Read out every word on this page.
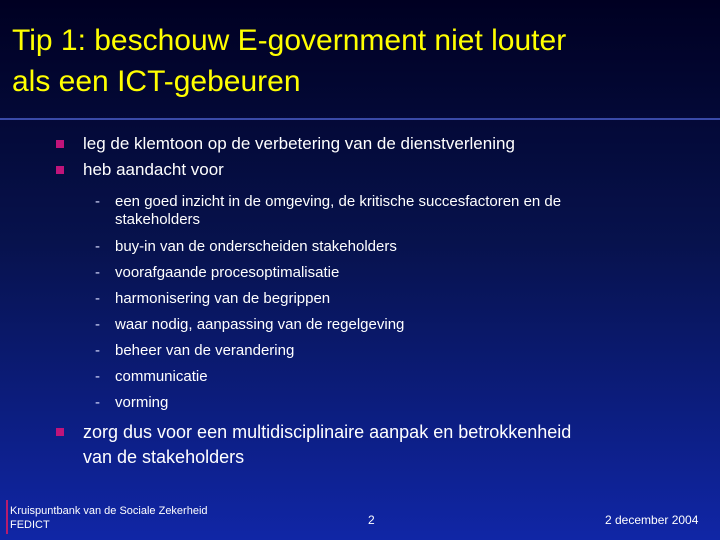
Tip 1: beschouw E-government niet louter
als een ICT-gebeuren
leg de klemtoon op de verbetering van de dienstverlening
heb aandacht voor
- een goed inzicht in de omgeving, de kritische succesfactoren en de
stakeholders
- buy-in van de onderscheiden stakeholders
- voorafgaande procesoptimalisatie
- harmonisering van de begrippen
- waar nodig, aanpassing van de regelgeving
- beheer van de verandering
- communicatie
- vorming
zorg dus voor een multidisciplinaire aanpak en betrokkenheid
van de stakeholders
Kruispuntbank van de Sociale Zekerheid
FEDICT	2	2 december 2004
